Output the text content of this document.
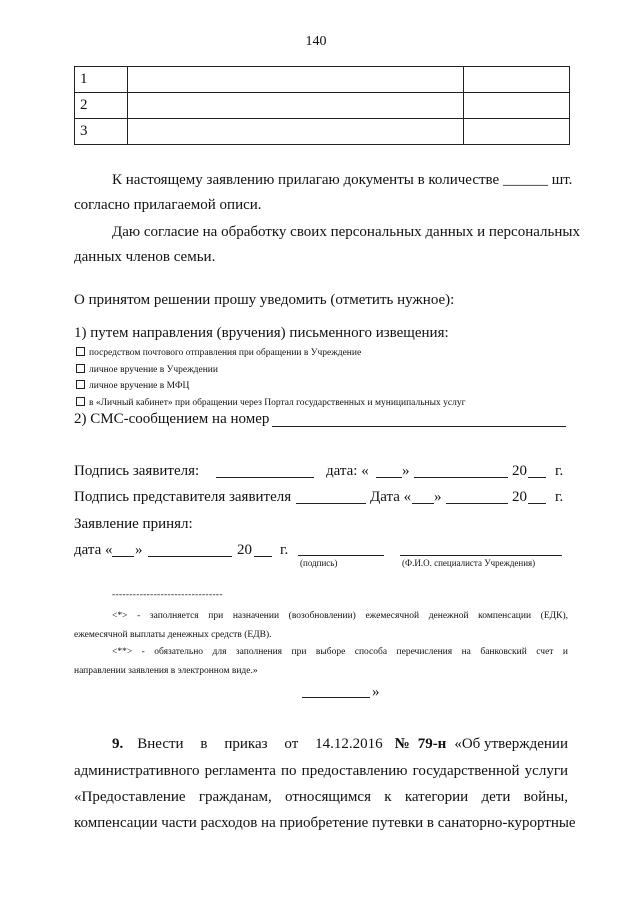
140
1		
2		
3		
К настоящему заявлению прилагаю документы в количестве ______ шт.
согласно прилагаемой описи.
Даю согласие на обработку своих персональных данных и персональных
данных членов семьи.
О принятом решении прошу уведомить (отметить нужное):
1) путем направления (вручения) письменного извещения:
посредством почтового отправления при обращении в Учреждение
личное вручение в Учреждении
личное вручение в МФЦ
в «Личный кабинет» при обращении через Портал государственных и муниципальных услуг
2) СМС-сообщением на номер
Подпись заявителя:	дата: « »	20 г.
Подпись представителя заявителя	Дата « »	20 г.
Заявление принял:
дата « »	20 г.
(подпись)	(Ф.И.О. специалиста Учреждения)
--------------------------------
<*> - заполняется при назначении (возобновлении) ежемесячной денежной компенсации (ЕДК),
ежемесячной выплаты денежных средств (ЕДВ).
<**> - обязательно для заполнения при выборе способа перечисления на банковский счет и
направлении заявления в электронном виде.»
»
9. Внести в приказ от 14.12.2016 № 79-н «Об утверждении
административного регламента по предоставлению государственной услуги
«Предоставление гражданам, относящимся к категории дети войны,
компенсации части расходов на приобретение путевки в санаторно-курортные
